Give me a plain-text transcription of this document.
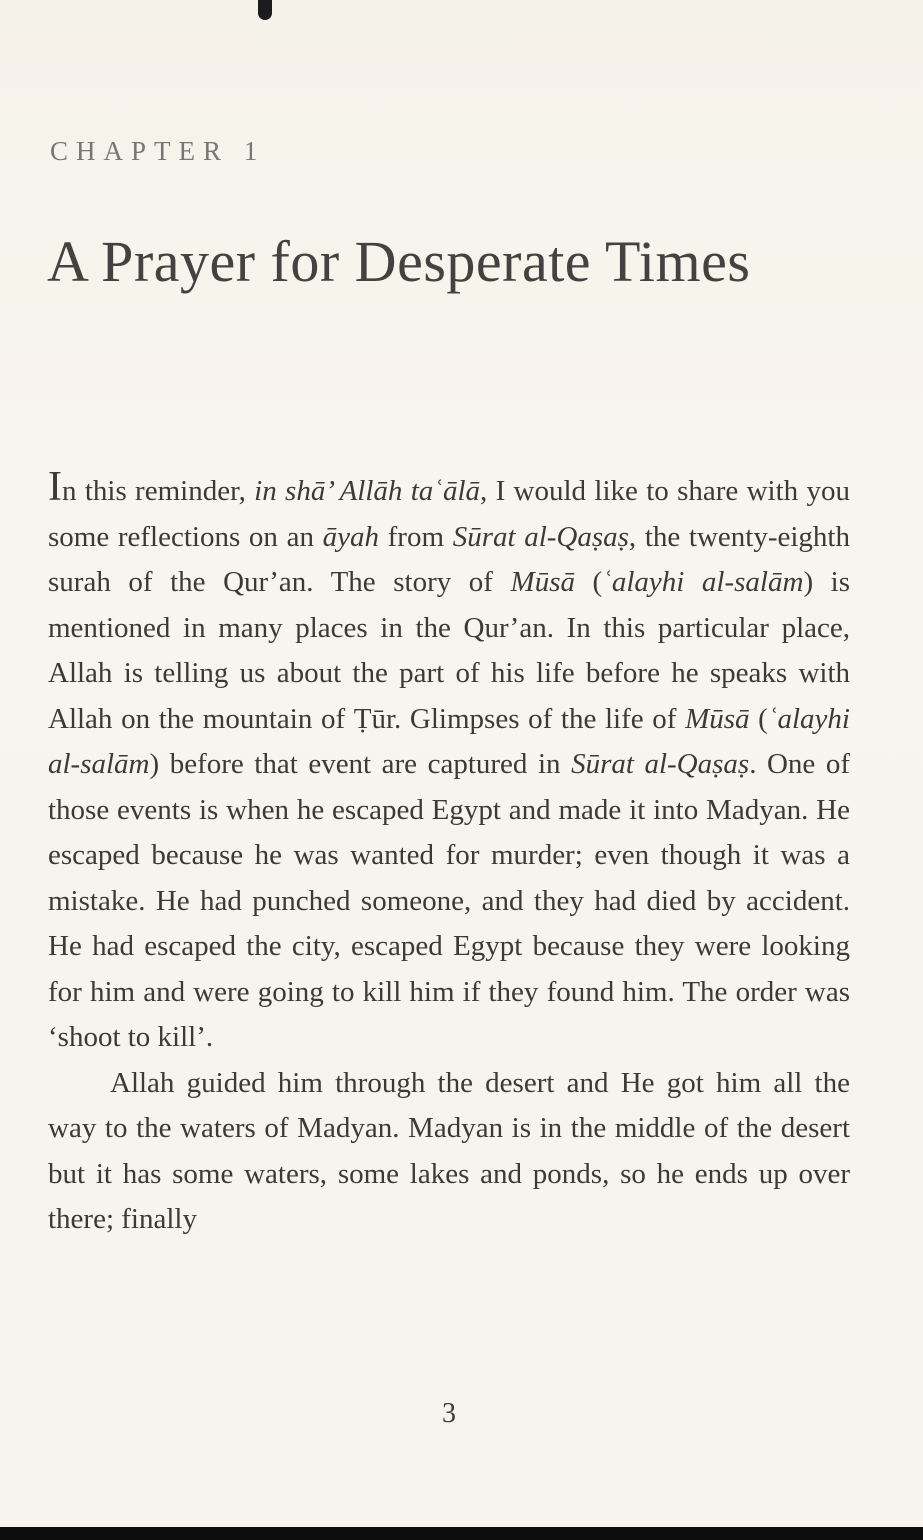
CHAPTER 1
A Prayer for Desperate Times

In this reminder, in shā’ Allāh taʿālā, I would like to share with you some reflections on an āyah from Sūrat al-Qaṣaṣ, the twenty-eighth surah of the Qur’an. The story of Mūsā (ʿalayhi al-salām) is mentioned in many places in the Qur’an. In this particular place, Allah is telling us about the part of his life before he speaks with Allah on the mountain of Ṭūr. Glimpses of the life of Mūsā (ʿalayhi al-salām) before that event are captured in Sūrat al-Qaṣaṣ. One of those events is when he escaped Egypt and made it into Madyan. He escaped because he was wanted for murder; even though it was a mistake. He had punched someone, and they had died by accident. He had escaped the city, escaped Egypt because they were looking for him and were going to kill him if they found him. The order was ‘shoot to kill’.

Allah guided him through the desert and He got him all the way to the waters of Madyan. Madyan is in the middle of the desert but it has some waters, some lakes and ponds, so he ends up over there; finally

3
